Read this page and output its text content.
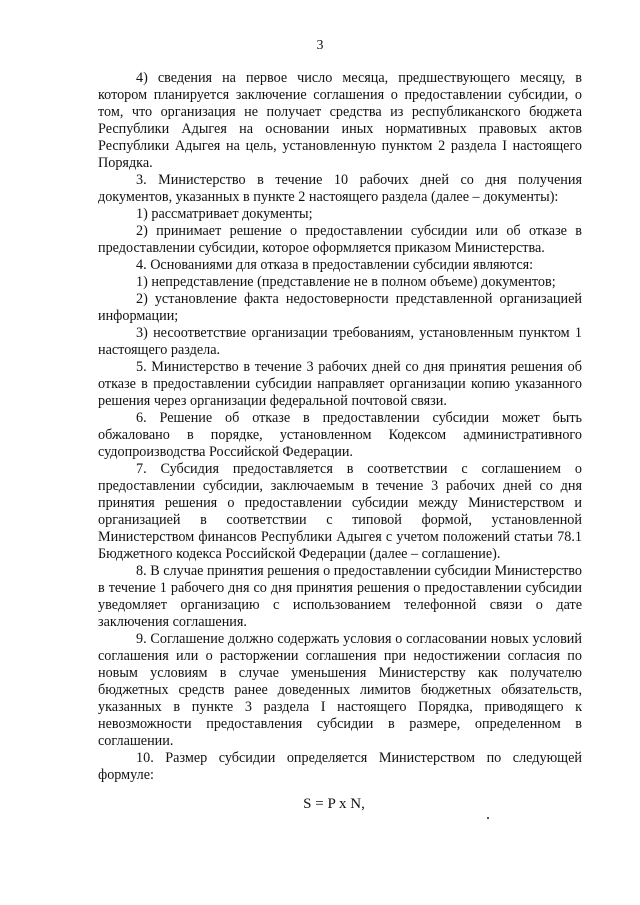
3

4) сведения на первое число месяца, предшествующего месяцу, в котором планируется заключение соглашения о предоставлении субсидии, о том, что организация не получает средства из республиканского бюджета Республики Адыгея на основании иных нормативных правовых актов Республики Адыгея на цель, установленную пунктом 2 раздела I настоящего Порядка.

3. Министерство в течение 10 рабочих дней со дня получения документов, указанных в пункте 2 настоящего раздела (далее – документы):

1) рассматривает документы;

2) принимает решение о предоставлении субсидии или об отказе в предоставлении субсидии, которое оформляется приказом Министерства.

4. Основаниями для отказа в предоставлении субсидии являются:

1) непредставление (представление не в полном объеме) документов;

2) установление факта недостоверности представленной организацией информации;

3) несоответствие организации требованиям, установленным пунктом 1 настоящего раздела.

5. Министерство в течение 3 рабочих дней со дня принятия решения об отказе в предоставлении субсидии направляет организации копию указанного решения через организации федеральной почтовой связи.

6. Решение об отказе в предоставлении субсидии может быть обжаловано в порядке, установленном Кодексом административного судопроизводства Российской Федерации.

7. Субсидия предоставляется в соответствии с соглашением о предоставлении субсидии, заключаемым в течение 3 рабочих дней со дня принятия решения о предоставлении субсидии между Министерством и организацией в соответствии с типовой формой, установленной Министерством финансов Республики Адыгея с учетом положений статьи 78.1 Бюджетного кодекса Российской Федерации (далее – соглашение).

8. В случае принятия решения о предоставлении субсидии Министерство в течение 1 рабочего дня со дня принятия решения о предоставлении субсидии уведомляет организацию с использованием телефонной связи о дате заключения соглашения.

9. Соглашение должно содержать условия о согласовании новых условий соглашения или о расторжении соглашения при недостижении согласия по новым условиям в случае уменьшения Министерству как получателю бюджетных средств ранее доведенных лимитов бюджетных обязательств, указанных в пункте 3 раздела I настоящего Порядка, приводящего к невозможности предоставления субсидии в размере, определенном в соглашении.

10. Размер субсидии определяется Министерством по следующей формуле:

S = P x N,
